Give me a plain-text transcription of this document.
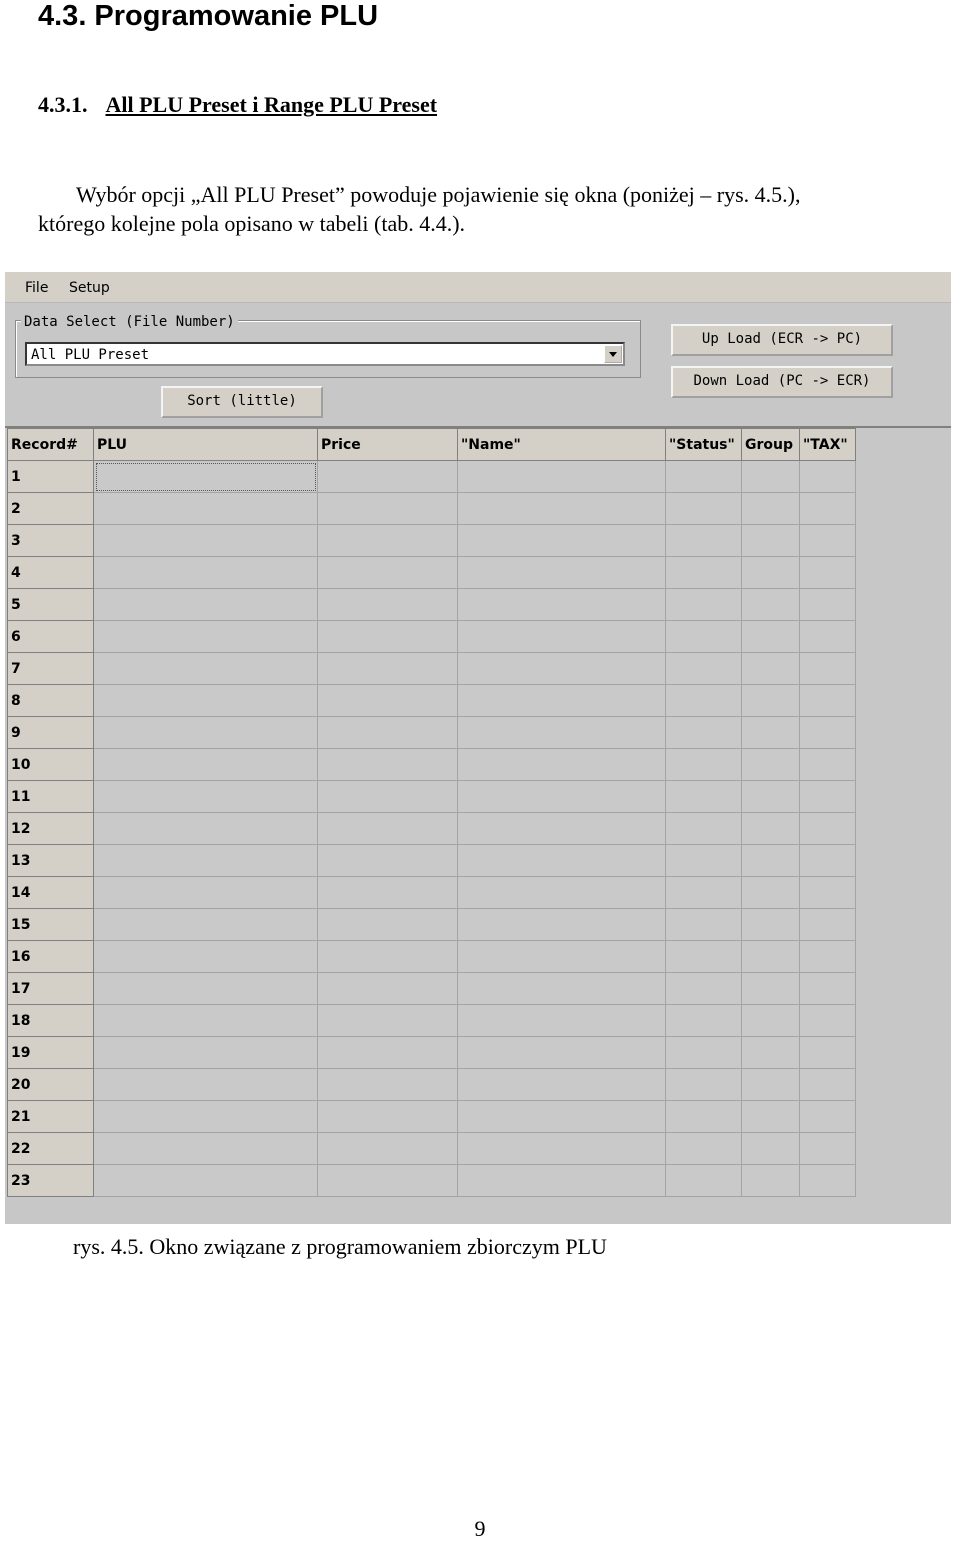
4.3. Programowanie PLU
4.3.1. All PLU Preset i Range PLU Preset
Wybór opcji „All PLU Preset” powoduje pojawienie się okna (poniżej – rys. 4.5.),
którego kolejne pola opisano w tabeli (tab. 4.4.).
File Setup
Data Select (File Number)
All PLU Preset
Up Load (ECR -> PC)
Down Load (PC -> ECR)
Sort (little)
Record#	PLU	Price	"Name"	"Status"	Group	"TAX"
1						
2						
3						
4						
5						
6						
7						
8						
9						
10						
11						
12						
13						
14						
15						
16						
17						
18						
19						
20						
21						
22						
23						
rys. 4.5. Okno związane z programowaniem zbiorczym PLU
9
